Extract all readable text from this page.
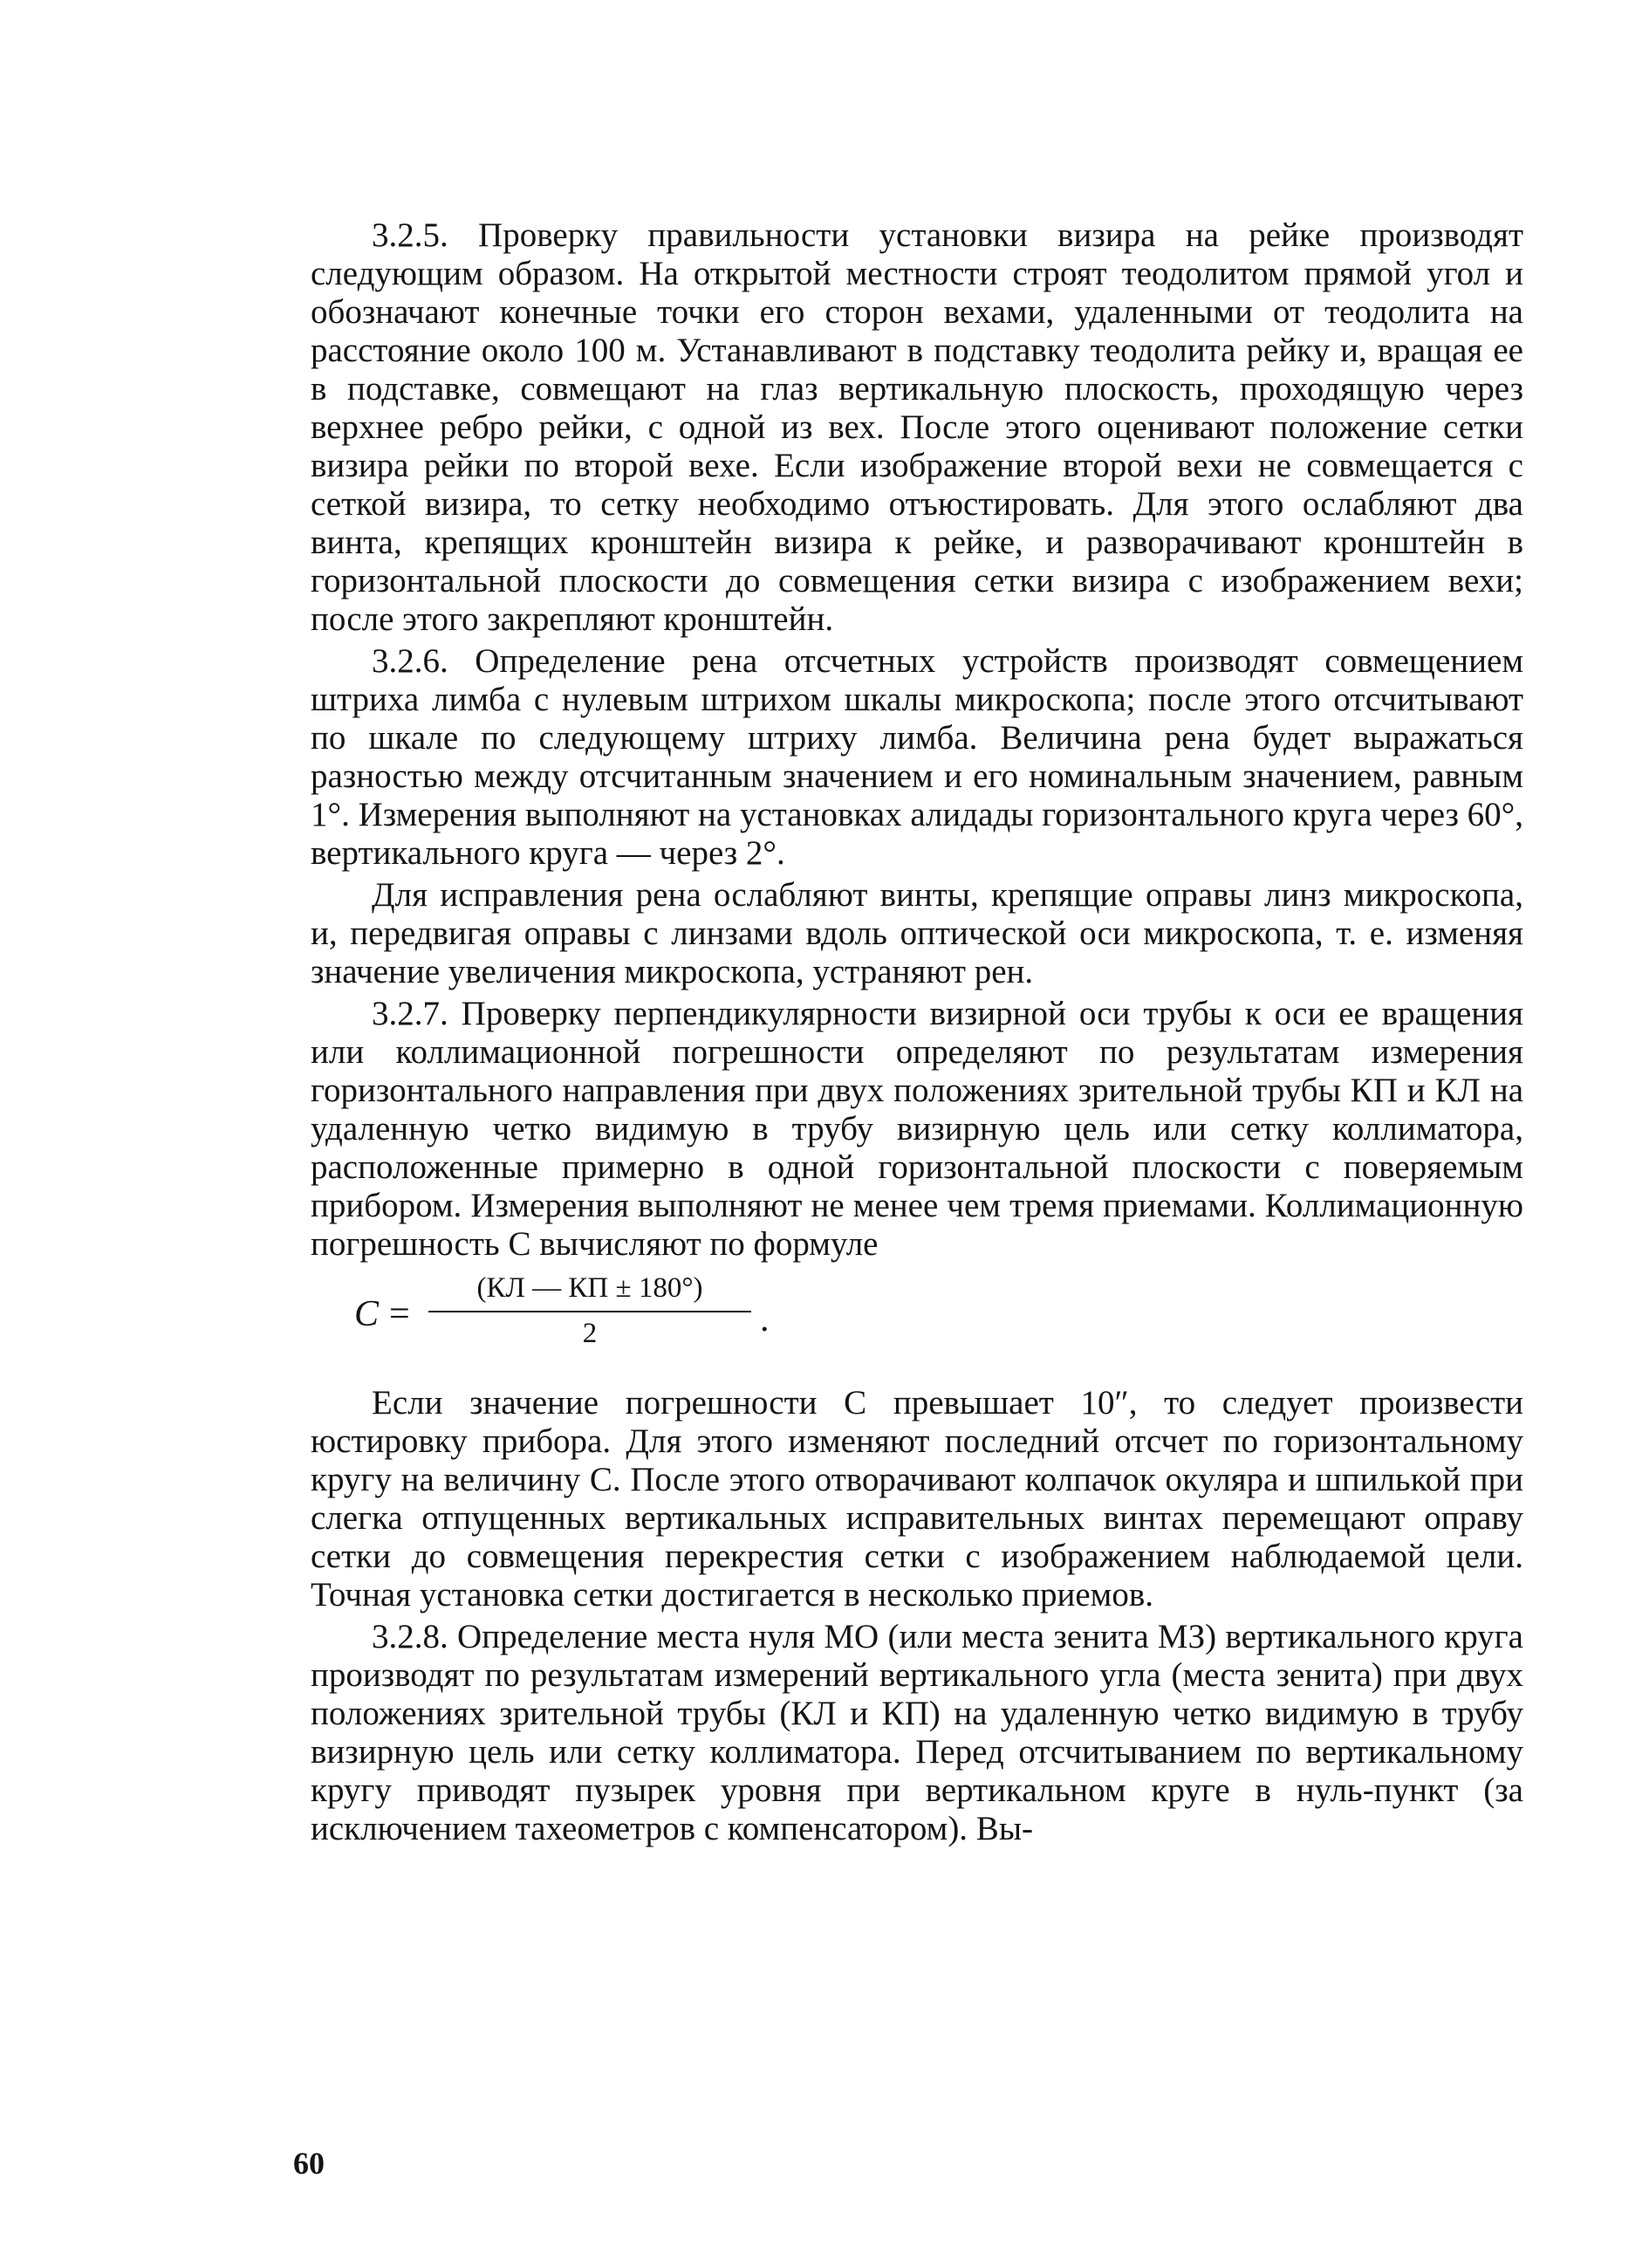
3.2.5. Проверку правильности установки визира на рейке производят следующим образом. На открытой местности строят теодолитом прямой угол и обозначают конечные точки его сторон вехами, удаленными от теодолита на расстояние около 100 м. Устанавливают в подставку теодолита рейку и, вращая ее в подставке, совмещают на глаз вертикальную плоскость, проходящую через верхнее ребро рейки, с одной из вех. После этого оценивают положение сетки визира рейки по второй вехе. Если изображение второй вехи не совмещается с сеткой визира, то сетку необходимо отъюстировать. Для этого ослабляют два винта, крепящих кронштейн визира к рейке, и разворачивают кронштейн в горизонтальной плоскости до совмещения сетки визира с изображением вехи; после этого закрепляют кронштейн.

3.2.6. Определение рена отсчетных устройств производят совмещением штриха лимба с нулевым штрихом шкалы микроскопа; после этого отсчитывают по шкале по следующему штриху лимба. Величина рена будет выражаться разностью между отсчитанным значением и его номинальным значением, равным 1°. Измерения выполняют на установках алидады горизонтального круга через 60°, вертикального круга — через 2°.

Для исправления рена ослабляют винты, крепящие оправы линз микроскопа, и, передвигая оправы с линзами вдоль оптической оси микроскопа, т. е. изменяя значение увеличения микроскопа, устраняют рен.

3.2.7. Проверку перпендикулярности визирной оси трубы к оси ее вращения или коллимационной погрешности определяют по результатам измерения горизонтального направления при двух положениях зрительной трубы КП и КЛ на удаленную четко видимую в трубу визирную цель или сетку коллиматора, расположенные примерно в одной горизонтальной плоскости с поверяемым прибором. Измерения выполняют не менее чем тремя приемами. Коллимационную погрешность C вычисляют по формуле

C =
(КЛ — КП ± 180°)
2	.

Если значение погрешности C превышает 10″, то следует произвести юстировку прибора. Для этого изменяют последний отсчет по горизонтальному кругу на величину C. После этого отворачивают колпачок окуляра и шпилькой при слегка отпущенных вертикальных исправительных винтах перемещают оправу сетки до совмещения перекрестия сетки с изображением наблюдаемой цели. Точная установка сетки достигается в несколько приемов.

3.2.8. Определение места нуля МО (или места зенита МЗ) вертикального круга производят по результатам измерений вертикального угла (места зенита) при двух положениях зрительной трубы (КЛ и КП) на удаленную четко видимую в трубу визирную цель или сетку коллиматора. Перед отсчитыванием по вертикальному кругу приводят пузырек уровня при вертикальном круге в нуль-пункт (за исключением тахеометров с компенсатором). Вы-

60
